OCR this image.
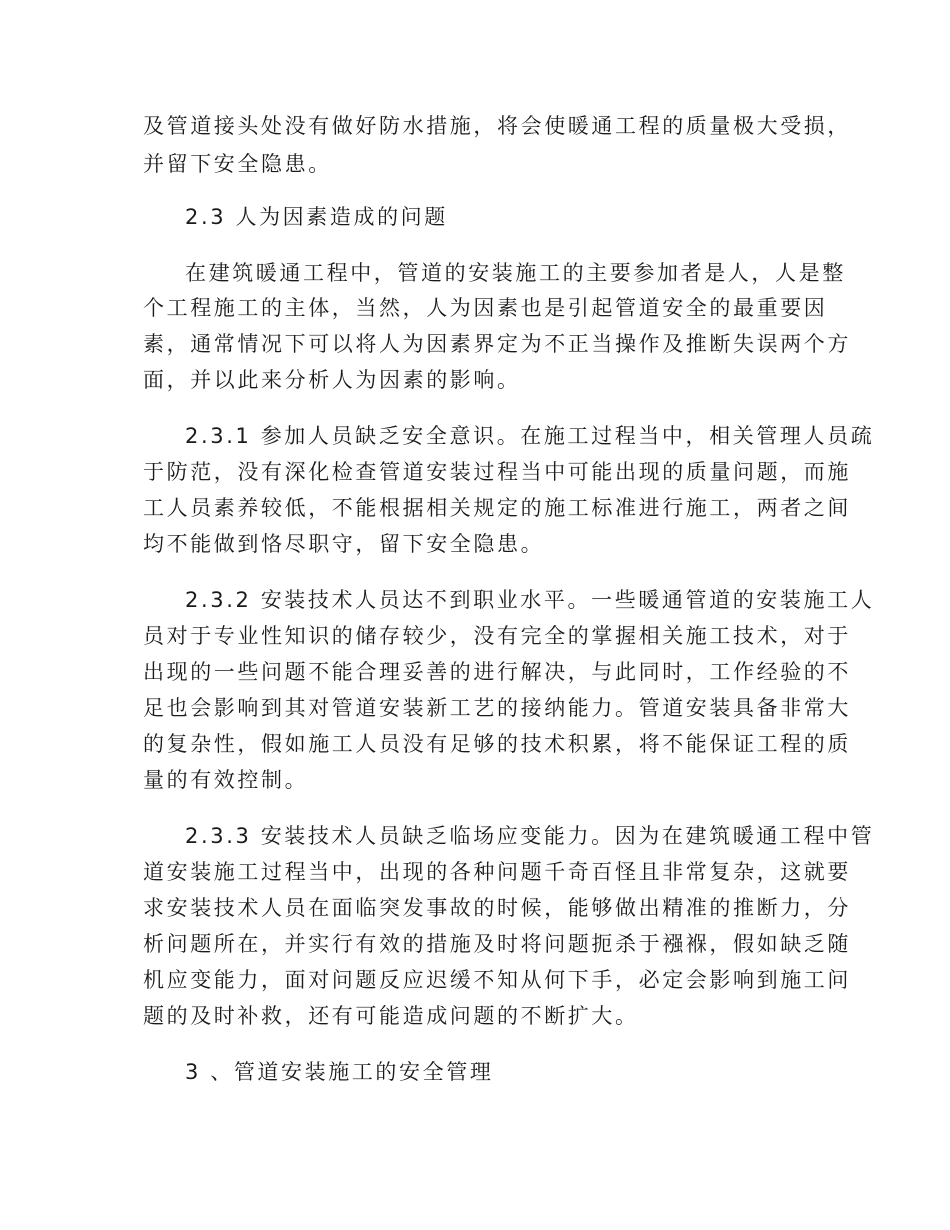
及管道接头处没有做好防水措施，将会使暖通工程的质量极大受损，
并留下安全隐患。
2.3 人为因素造成的问题
在建筑暖通工程中，管道的安装施工的主要参加者是人，人是整
个工程施工的主体，当然，人为因素也是引起管道安全的最重要因
素，通常情况下可以将人为因素界定为不正当操作及推断失误两个方
面，并以此来分析人为因素的影响。
2.3.1 参加人员缺乏安全意识。在施工过程当中，相关管理人员疏
于防范，没有深化检查管道安装过程当中可能出现的质量问题，而施
工人员素养较低，不能根据相关规定的施工标准进行施工，两者之间
均不能做到恪尽职守，留下安全隐患。
2.3.2 安装技术人员达不到职业水平。一些暖通管道的安装施工人
员对于专业性知识的储存较少，没有完全的掌握相关施工技术，对于
出现的一些问题不能合理妥善的进行解决，与此同时，工作经验的不
足也会影响到其对管道安装新工艺的接纳能力。管道安装具备非常大
的复杂性，假如施工人员没有足够的技术积累，将不能保证工程的质
量的有效控制。
2.3.3 安装技术人员缺乏临场应变能力。因为在建筑暖通工程中管
道安装施工过程当中，出现的各种问题千奇百怪且非常复杂，这就要
求安装技术人员在面临突发事故的时候，能够做出精准的推断力，分
析问题所在，并实行有效的措施及时将问题扼杀于襁褓，假如缺乏随
机应变能力，面对问题反应迟缓不知从何下手，必定会影响到施工问
题的及时补救，还有可能造成问题的不断扩大。
3 、管道安装施工的安全管理
